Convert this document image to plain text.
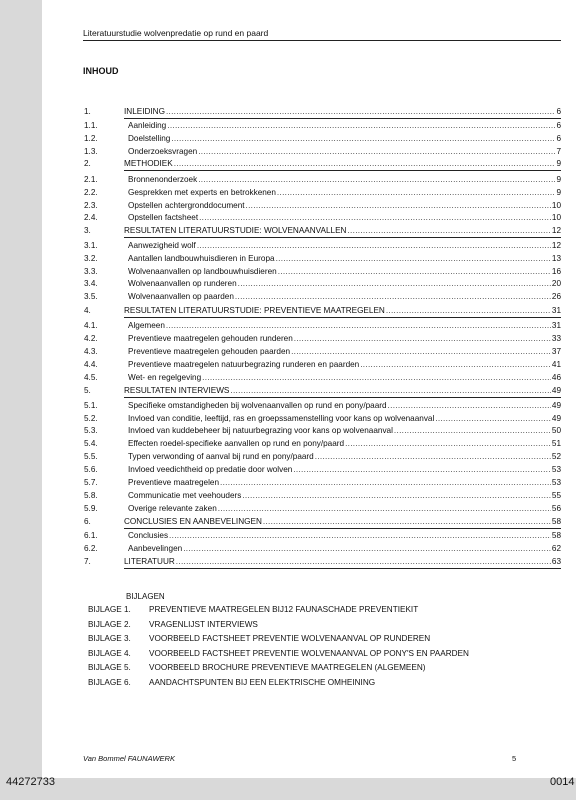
Literatuurstudie wolvenpredatie op rund en paard
INHOUD
1.	INLEIDING .....	6
1.1.	Aanleiding .....	6
1.2.	Doelstelling .....	6
1.3.	Onderzoeksvragen .....	7
2.	METHODIEK .....	9
2.1.	Bronnenonderzoek .....	9
2.2.	Gesprekken met experts en betrokkenen .....	9
2.3.	Opstellen achtergronddocument .....	10
2.4.	Opstellen factsheet .....	10
3.	RESULTATEN LITERATUURSTUDIE: WOLVENAANVALLEN .....	12
3.1.	Aanwezigheid wolf .....	12
3.2.	Aantallen landbouwhuisdieren in Europa .....	13
3.3.	Wolvenaanvallen op landbouwhuisdieren .....	16
3.4.	Wolvenaanvallen op runderen .....	20
3.5.	Wolvenaanvallen op paarden .....	26
4.	RESULTATEN LITERATUURSTUDIE: PREVENTIEVE MAATREGELEN .....	31
4.1.	Algemeen .....	31
4.2.	Preventieve maatregelen gehouden runderen .....	33
4.3.	Preventieve maatregelen gehouden paarden .....	37
4.4.	Preventieve maatregelen natuurbegrazing runderen en paarden .....	41
4.5.	Wet- en regelgeving .....	46
5.	RESULTATEN INTERVIEWS .....	49
5.1.	Specifieke omstandigheden bij wolvenaanvallen op rund en pony/paard .....	49
5.2.	Invloed van conditie, leeftijd, ras en groepssamenstelling voor kans op wolvenaanval .....	49
5.3.	Invloed van kuddebeheer bij natuurbegrazing voor kans op wolvenaanval .....	50
5.4.	Effecten roedel-specifieke aanvallen op rund en pony/paard .....	51
5.5.	Typen verwonding of aanval bij rund en pony/paard .....	52
5.6.	Invloed veedichtheid op predatie door wolven .....	53
5.7.	Preventieve maatregelen .....	53
5.8.	Communicatie met veehouders .....	55
5.9.	Overige relevante zaken .....	56
6.	CONCLUSIES EN AANBEVELINGEN .....	58
6.1.	Conclusies .....	58
6.2.	Aanbevelingen .....	62
7.	LITERATUUR .....	63
BIJLAGEN
BIJLAGE 1. PREVENTIEVE MAATREGELEN BIJ12 FAUNASCHADE PREVENTIEKIT
BIJLAGE 2. VRAGENLIJST INTERVIEWS
BIJLAGE 3. VOORBEELD FACTSHEET PREVENTIE WOLVENAANVAL OP RUNDEREN
BIJLAGE 4. VOORBEELD FACTSHEET PREVENTIE WOLVENAANVAL OP PONY'S EN PAARDEN
BIJLAGE 5. VOORBEELD BROCHURE PREVENTIEVE MAATREGELEN (ALGEMEEN)
BIJLAGE 6. AANDACHTSPUNTEN BIJ EEN ELEKTRISCHE OMHEINING
Van Bommel FAUNAWERK	5
44272733	0014
